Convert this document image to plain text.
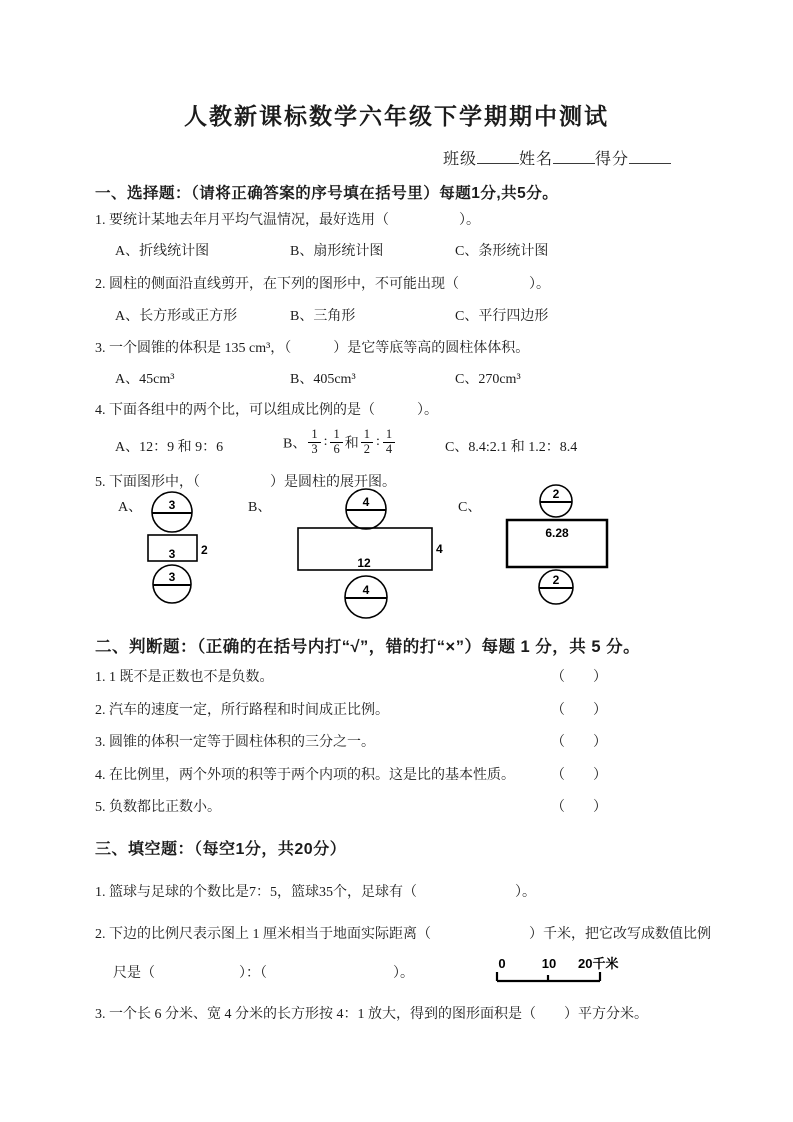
人教新课标数学六年级下学期期中测试
班级	姓名	得分
一、选择题：（请将正确答案的序号填在括号里）每题1分,共5分。
1. 要统计某地去年月平均气温情况，最好选用（　　　　　）。
A、折线统计图	B、扇形统计图	C、条形统计图
2. 圆柱的侧面沿直线剪开，在下列的图形中，不可能出现（　　　　　）。
A、长方形或正方形	B、三角形	C、平行四边形
3. 一个圆锥的体积是 135 cm³，（　　　）是它等底等高的圆柱体体积。
A、45cm³	B、405cm³	C、270cm³
4. 下面各组中的两个比，可以组成比例的是（　　　）。
A、12：9 和 9：6	B、 $\frac{1}{3}$ : $\frac{1}{6}$ 和 $\frac{1}{2}$ : $\frac{1}{4}$	C、8.4:2.1 和 1.2：8.4
5. 下面图形中，（　　　　　）是圆柱的展开图。
A、	B、	C、
3
3 2
3
4
12
4
4
2
6.28
2
二、判断题：（正确的在括号内打“√”，错的打“×”）每题 1 分，共 5 分。
1. 1 既不是正数也不是负数。	（　　）
2. 汽车的速度一定，所行路程和时间成正比例。	（　　）
3. 圆锥的体积一定等于圆柱体积的三分之一。	（　　）
4. 在比例里，两个外项的积等于两个内项的积。这是比的基本性质。	（　　）
5. 负数都比正数小。	（　　）
三、填空题：（每空1分，共20分）
1. 篮球与足球的个数比是7：5，篮球35个，足球有（　　　　　　　）。
2. 下边的比例尺表示图上 1 厘米相当于地面实际距离（　　　　　　　）千米，把它改写成数值比例
尺是（　　　　　　）：（　　　　　　　　　）。
0	10 20千米
3. 一个长 6 分米、宽 4 分米的长方形按 4：1 放大，得到的图形面积是（　　）平方分米。
